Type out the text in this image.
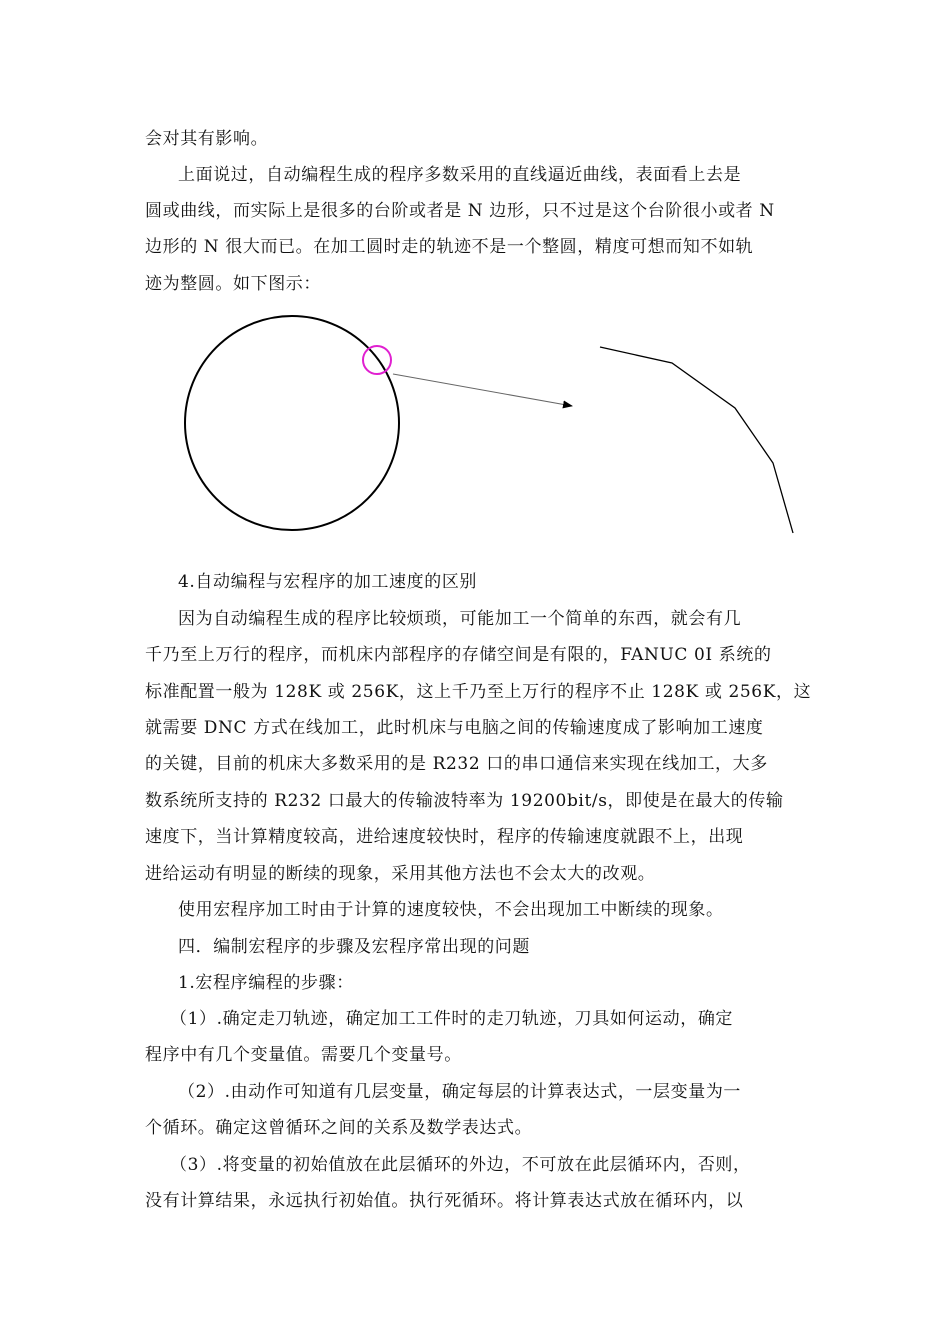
会对其有影响。
上面说过，自动编程生成的程序多数采用的直线逼近曲线，表面看上去是
圆或曲线，而实际上是很多的台阶或者是 N 边形，只不过是这个台阶很小或者 N
边形的 N 很大而已。在加工圆时走的轨迹不是一个整圆，精度可想而知不如轨
迹为整圆。如下图示：
4.自动编程与宏程序的加工速度的区别
因为自动编程生成的程序比较烦琐，可能加工一个简单的东西，就会有几
千乃至上万行的程序，而机床内部程序的存储空间是有限的，FANUC 0I 系统的
标准配置一般为 128K 或 256K，这上千乃至上万行的程序不止 128K 或 256K，这
就需要 DNC 方式在线加工，此时机床与电脑之间的传输速度成了影响加工速度
的关键，目前的机床大多数采用的是 R232 口的串口通信来实现在线加工，大多
数系统所支持的 R232 口最大的传输波特率为 19200bit/s，即使是在最大的传输
速度下，当计算精度较高，进给速度较快时，程序的传输速度就跟不上，出现
进给运动有明显的断续的现象，采用其他方法也不会太大的改观。
使用宏程序加工时由于计算的速度较快，不会出现加工中断续的现象。
四．编制宏程序的步骤及宏程序常出现的问题
1.宏程序编程的步骤：
（1）.确定走刀轨迹，确定加工工件时的走刀轨迹，刀具如何运动，确定
程序中有几个变量值。需要几个变量号。
（2）.由动作可知道有几层变量，确定每层的计算表达式，一层变量为一
个循环。确定这曾循环之间的关系及数学表达式。
（3）.将变量的初始值放在此层循环的外边，不可放在此层循环内，否则，
没有计算结果，永远执行初始值。执行死循环。将计算表达式放在循环内，以
